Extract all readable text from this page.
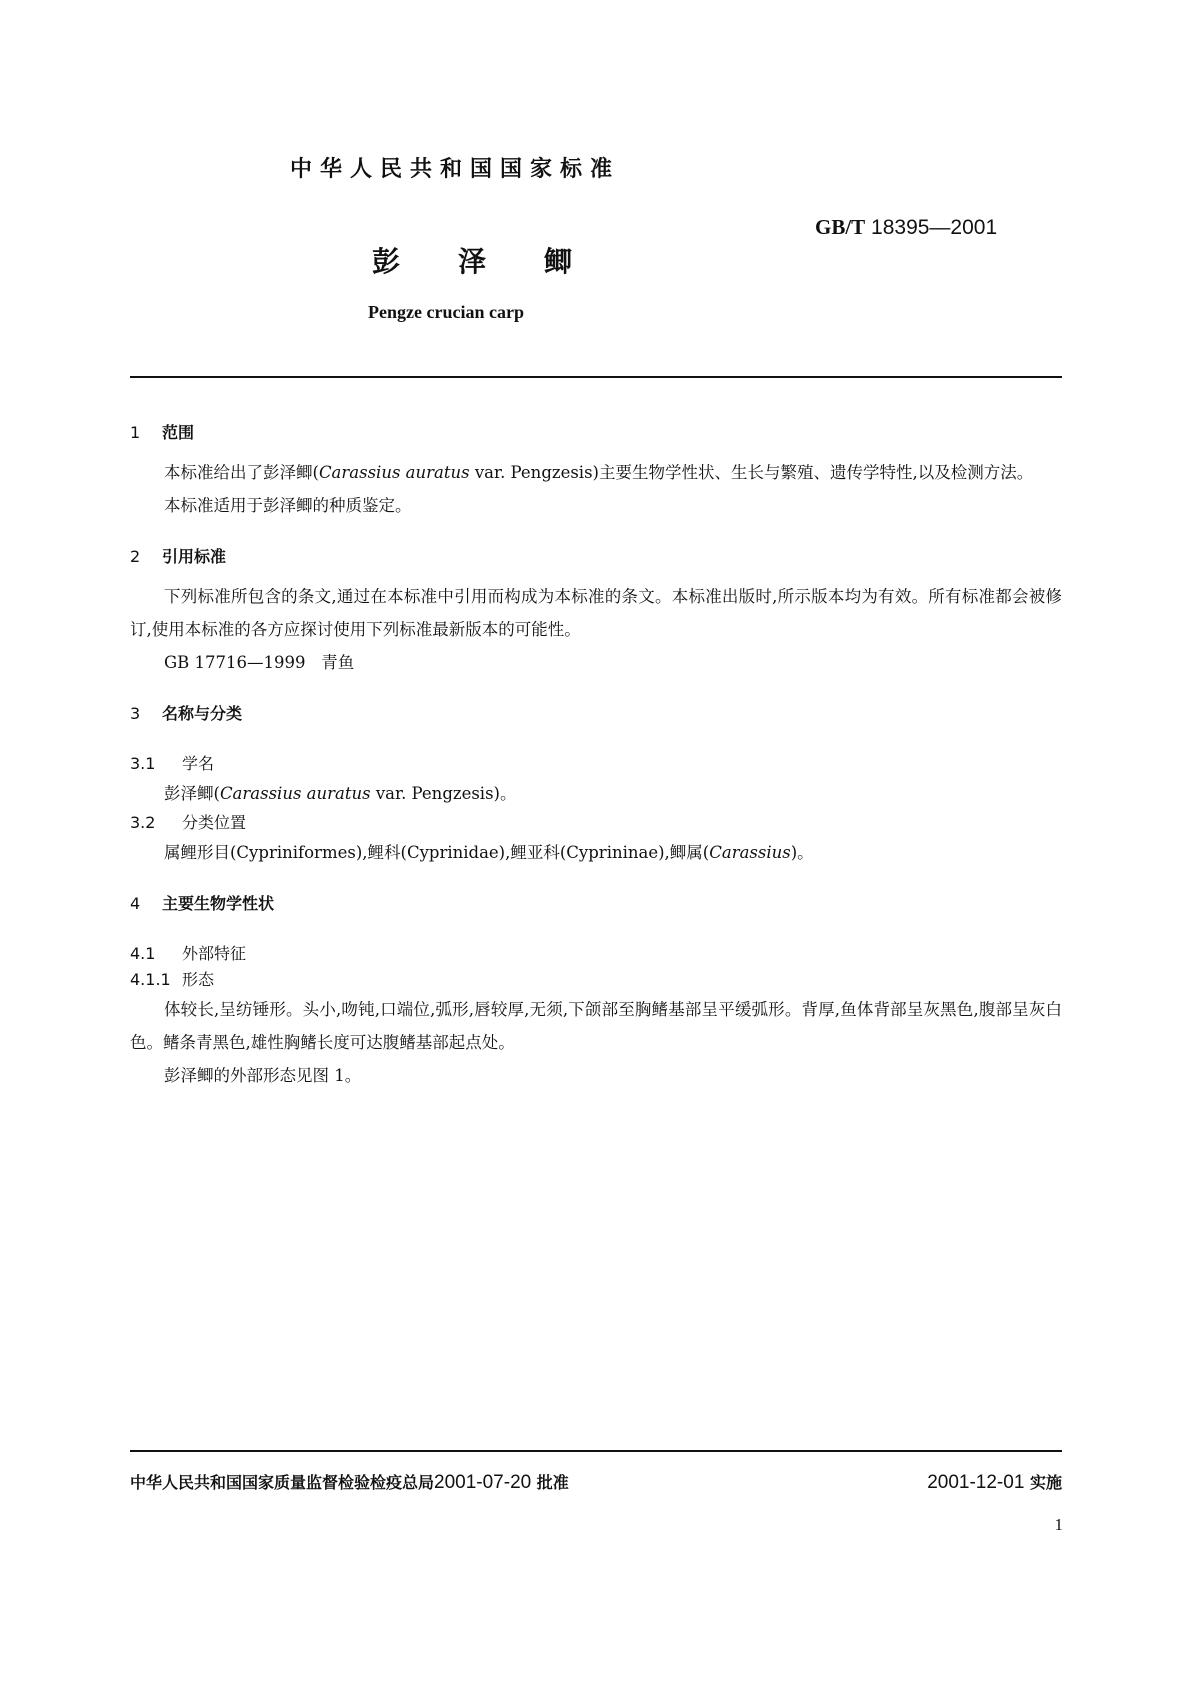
中华人民共和国国家标准
GB/T 18395—2001
彭泽鲫
Pengze crucian carp
1 范围
本标准给出了彭泽鲫(Carassius auratus var. Pengzesis)主要生物学性状、生长与繁殖、遗传学特性,以及检测方法。
本标准适用于彭泽鲫的种质鉴定。
2 引用标准
下列标准所包含的条文,通过在本标准中引用而构成为本标准的条文。本标准出版时,所示版本均为有效。所有标准都会被修订,使用本标准的各方应探讨使用下列标准最新版本的可能性。
GB 17716—1999 青鱼
3 名称与分类
3.1 学名
彭泽鲫(Carassius auratus var. Pengzesis)。
3.2 分类位置
属鲤形目(Cypriniformes),鲤科(Cyprinidae),鲤亚科(Cyprininae),鲫属(Carassius)。
4 主要生物学性状
4.1 外部特征
4.1.1 形态
体较长,呈纺锤形。头小,吻钝,口端位,弧形,唇较厚,无须,下颌部至胸鳍基部呈平缓弧形。背厚,鱼体背部呈灰黑色,腹部呈灰白色。鳍条青黑色,雄性胸鳍长度可达腹鳍基部起点处。
彭泽鲫的外部形态见图 1。
中华人民共和国国家质量监督检验检疫总局2001-07-20 批准	2001-12-01 实施
1
